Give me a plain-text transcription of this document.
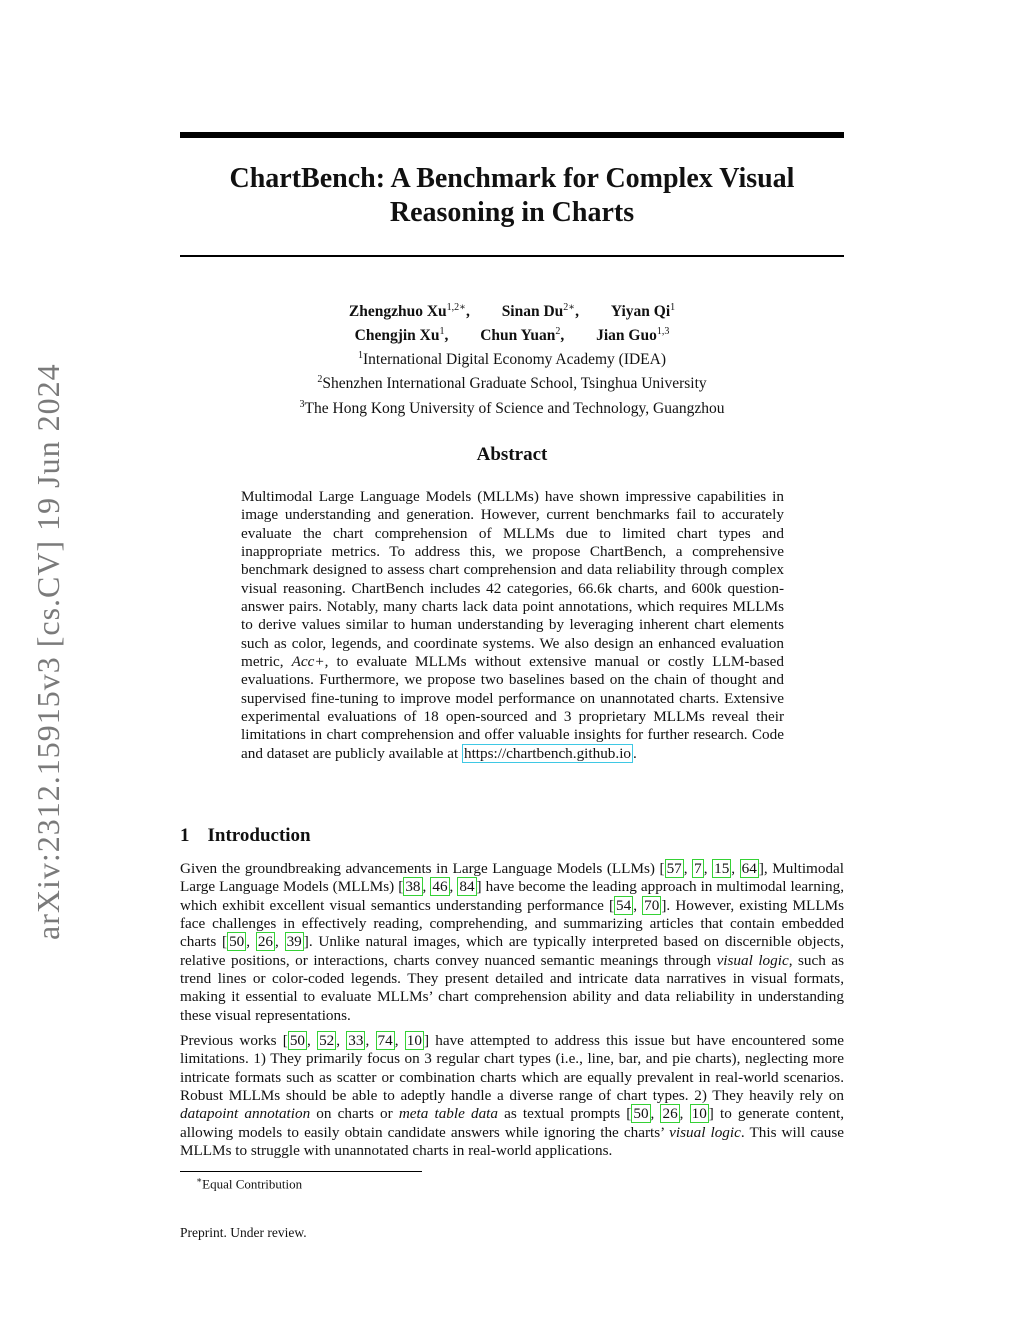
arXiv:2312.15915v3 [cs.CV] 19 Jun 2024
ChartBench: A Benchmark for Complex Visual
Reasoning in Charts
Zhengzhuo $Xu^{1,2∗}$, Sinan $Du^{2∗}$, Yiyan Qi$^1$
Chengjin Xu$^1$, Chun Yuan$^2$, Jian Guo$^{1,3}$
$^1$International Digital Economy Academy (IDEA)
$^2$Shenzhen International Graduate School, Tsinghua University
$^3$The Hong Kong University of Science and Technology, Guangzhou
Abstract
Multimodal Large Language Models (MLLMs) have shown impressive capabilities in image understanding and generation. However, current benchmarks fail to accurately evaluate the chart comprehension of MLLMs due to limited chart types and inappropriate metrics. To address this, we propose ChartBench, a comprehensive benchmark designed to assess chart comprehension and data reliability through complex visual reasoning. ChartBench includes 42 categories, 66.6k charts, and 600k question-answer pairs. Notably, many charts lack data point annotations, which requires MLLMs to derive values similar to human understanding by leveraging inherent chart elements such as color, legends, and coordinate systems. We also design an enhanced evaluation metric, Acc+, to evaluate MLLMs without extensive manual or costly LLM-based evaluations. Furthermore, we propose two baselines based on the chain of thought and supervised fine-tuning to improve model performance on unannotated charts. Extensive experimental evaluations of 18 open-sourced and 3 proprietary MLLMs reveal their limitations in chart comprehension and offer valuable insights for further research. Code and dataset are publicly available at https://chartbench.github.io .
1 Introduction
Given the groundbreaking advancements in Large Language Models (LLMs) [ 57 , 7 , 15 , 64 ], Multimodal Large Language Models (MLLMs) [ 38 , 46 , 84 ] have become the leading approach in multimodal learning, which exhibit excellent visual semantics understanding performance [ 54 , 70 ]. However, existing MLLMs face challenges in effectively reading, comprehending, and summarizing articles that contain embedded charts [ 50 , 26 , 39 ]. Unlike natural images, which are typically interpreted based on discernible objects, relative positions, or interactions, charts convey nuanced semantic meanings through visual logic, such as trend lines or color-coded legends. They present detailed and intricate data narratives in visual formats, making it essential to evaluate MLLMs’ chart comprehension ability and data reliability in understanding these visual representations.
Previous works [ 50 , 52 , 33 , 74 , 10 ] have attempted to address this issue but have encountered some limitations. 1) They primarily focus on 3 regular chart types (i.e., line, bar, and pie charts), neglecting more intricate formats such as scatter or combination charts which are equally prevalent in real-world scenarios. Robust MLLMs should be able to adeptly handle a diverse range of chart types. 2) They heavily rely on datapoint annotation on charts or meta table data as textual prompts [ 50 , 26 , 10 ] to generate content, allowing models to easily obtain candidate answers while ignoring the charts’ visual logic. This will cause MLLMs to struggle with unannotated charts in real-world applications.
∗Equal Contribution
Preprint. Under review.
